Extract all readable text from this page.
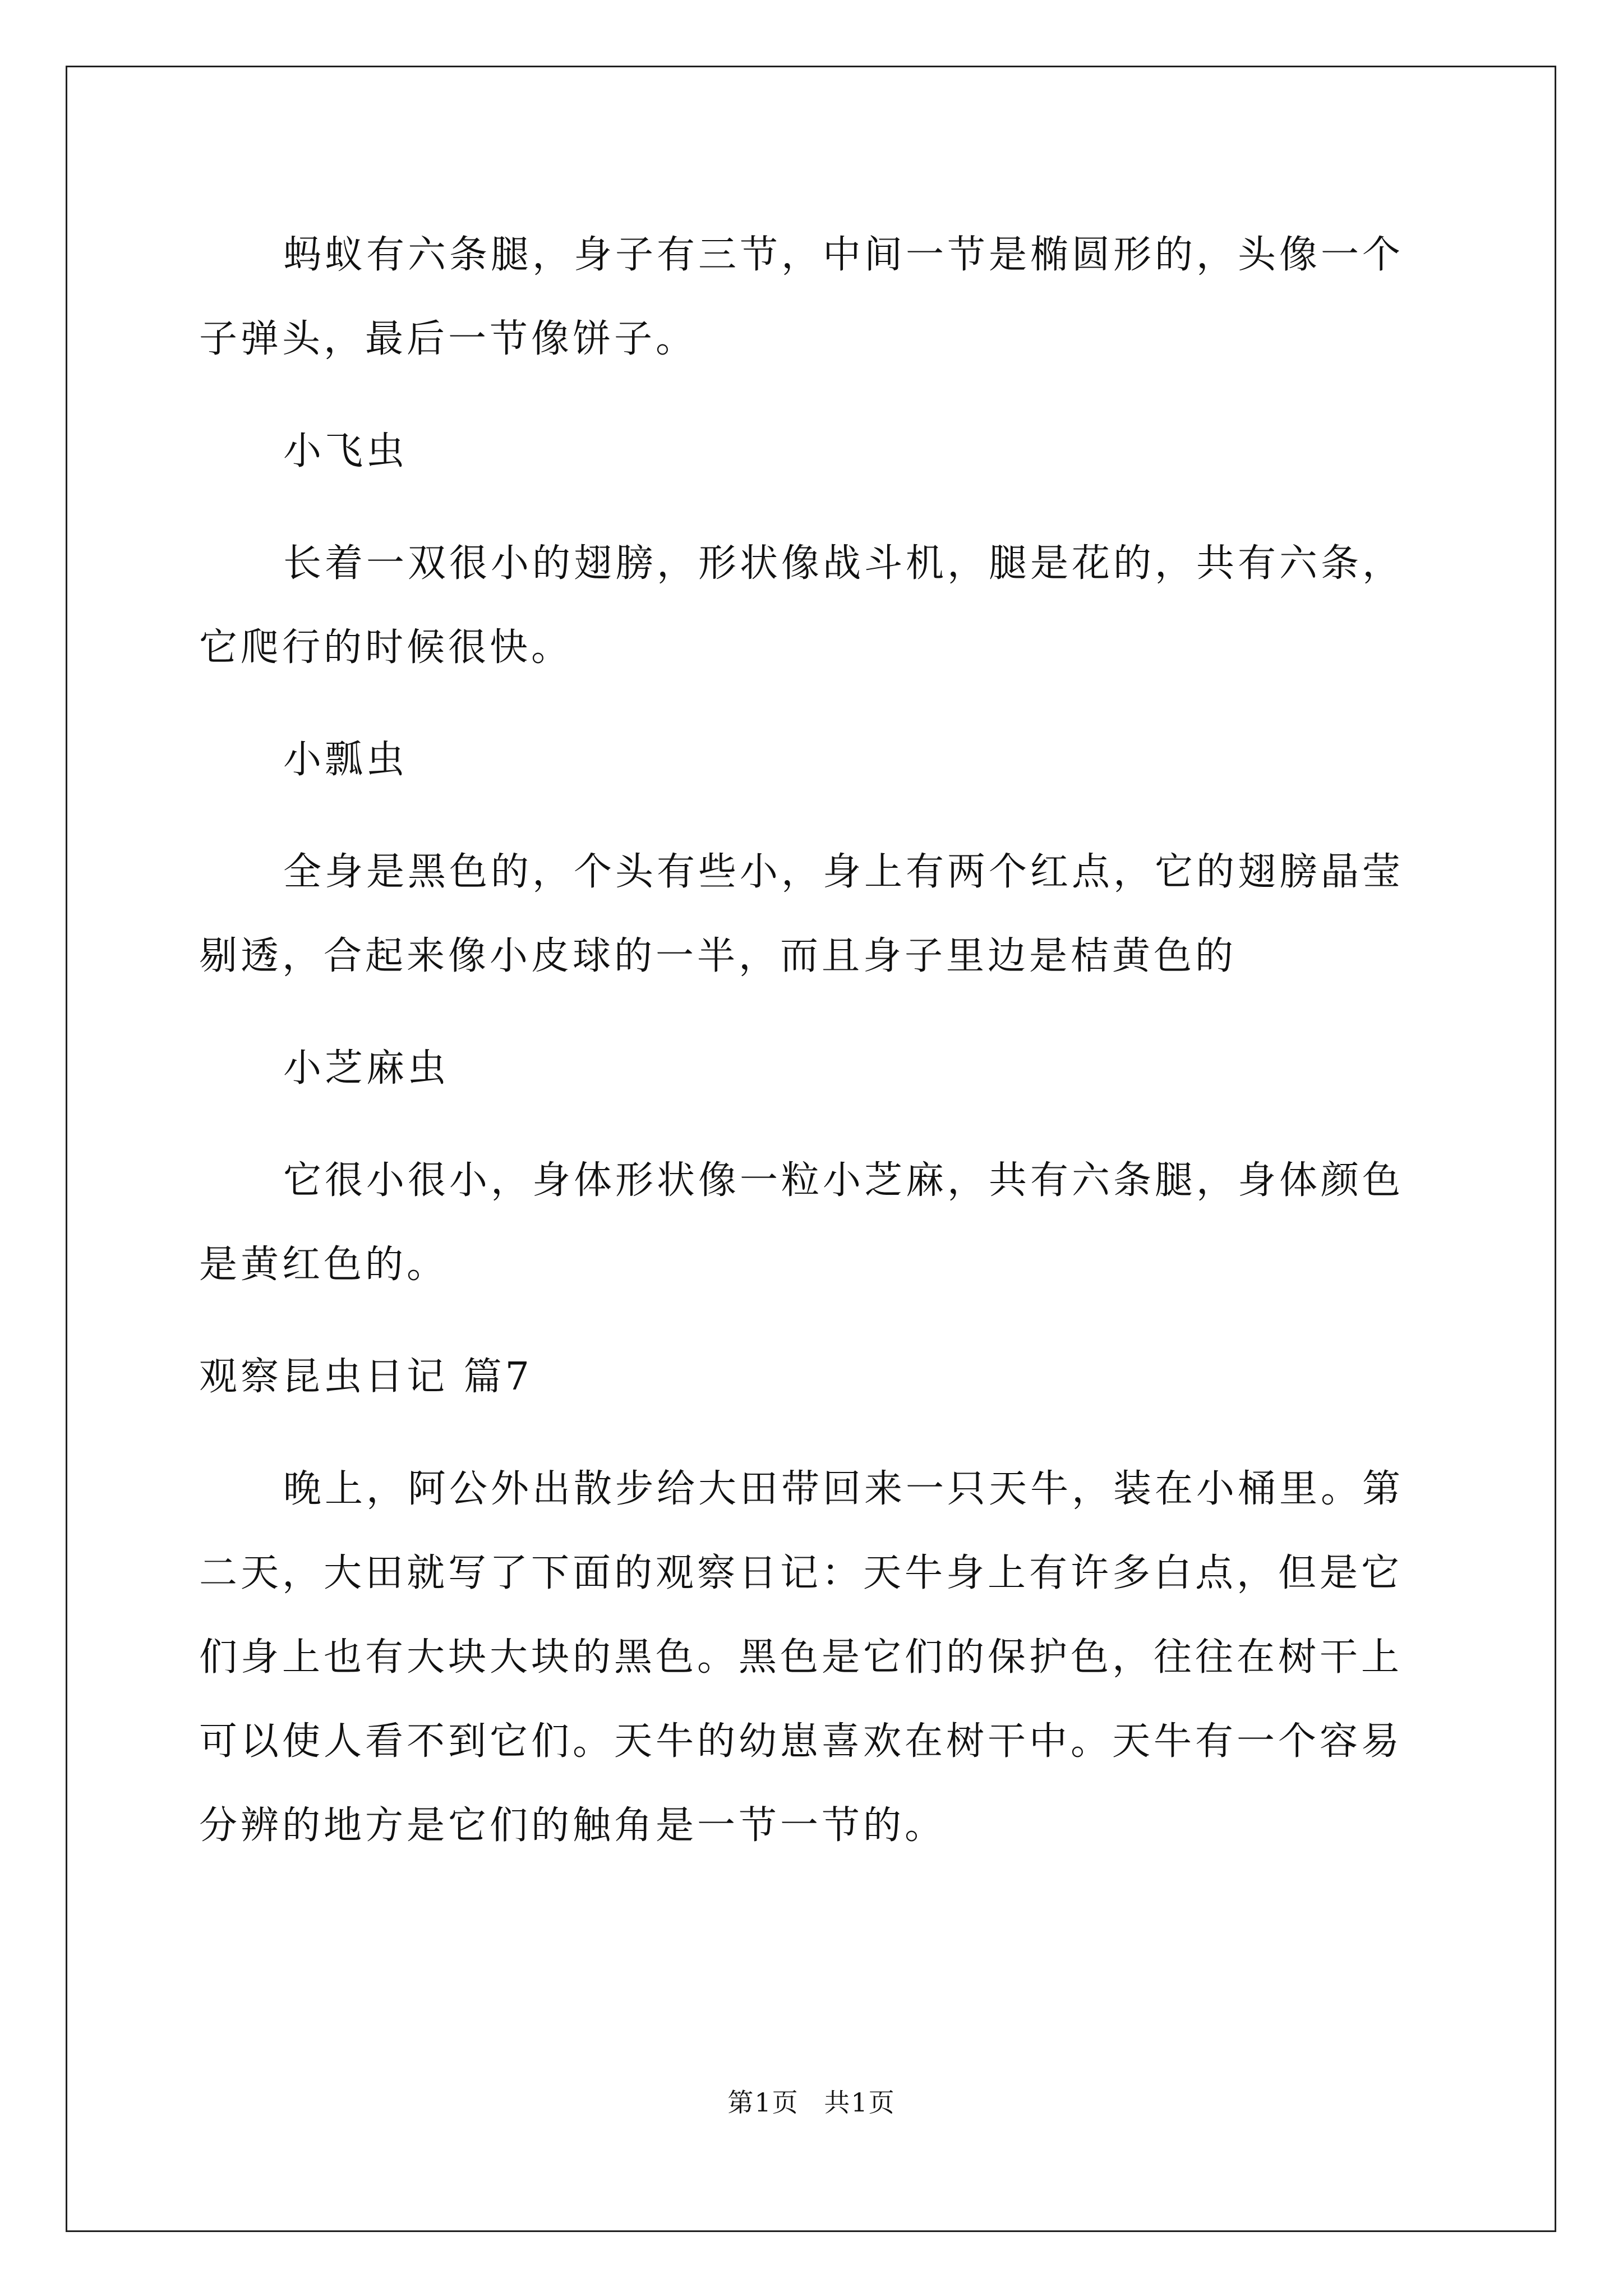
蚂蚁有六条腿，身子有三节，中间一节是椭圆形的，头像一个子弹头，最后一节像饼子。

小飞虫

长着一双很小的翅膀，形状像战斗机，腿是花的，共有六条，它爬行的时候很快。

小瓢虫

全身是黑色的，个头有些小，身上有两个红点，它的翅膀晶莹剔透，合起来像小皮球的一半，而且身子里边是桔黄色的

小芝麻虫

它很小很小，身体形状像一粒小芝麻，共有六条腿，身体颜色是黄红色的。

观察昆虫日记 篇7

晚上，阿公外出散步给大田带回来一只天牛，装在小桶里。第二天，大田就写了下面的观察日记：天牛身上有许多白点，但是它们身上也有大块大块的黑色。黑色是它们的保护色，往往在树干上可以使人看不到它们。天牛的幼崽喜欢在树干中。天牛有一个容易分辨的地方是它们的触角是一节一节的。

第1页 共1页
